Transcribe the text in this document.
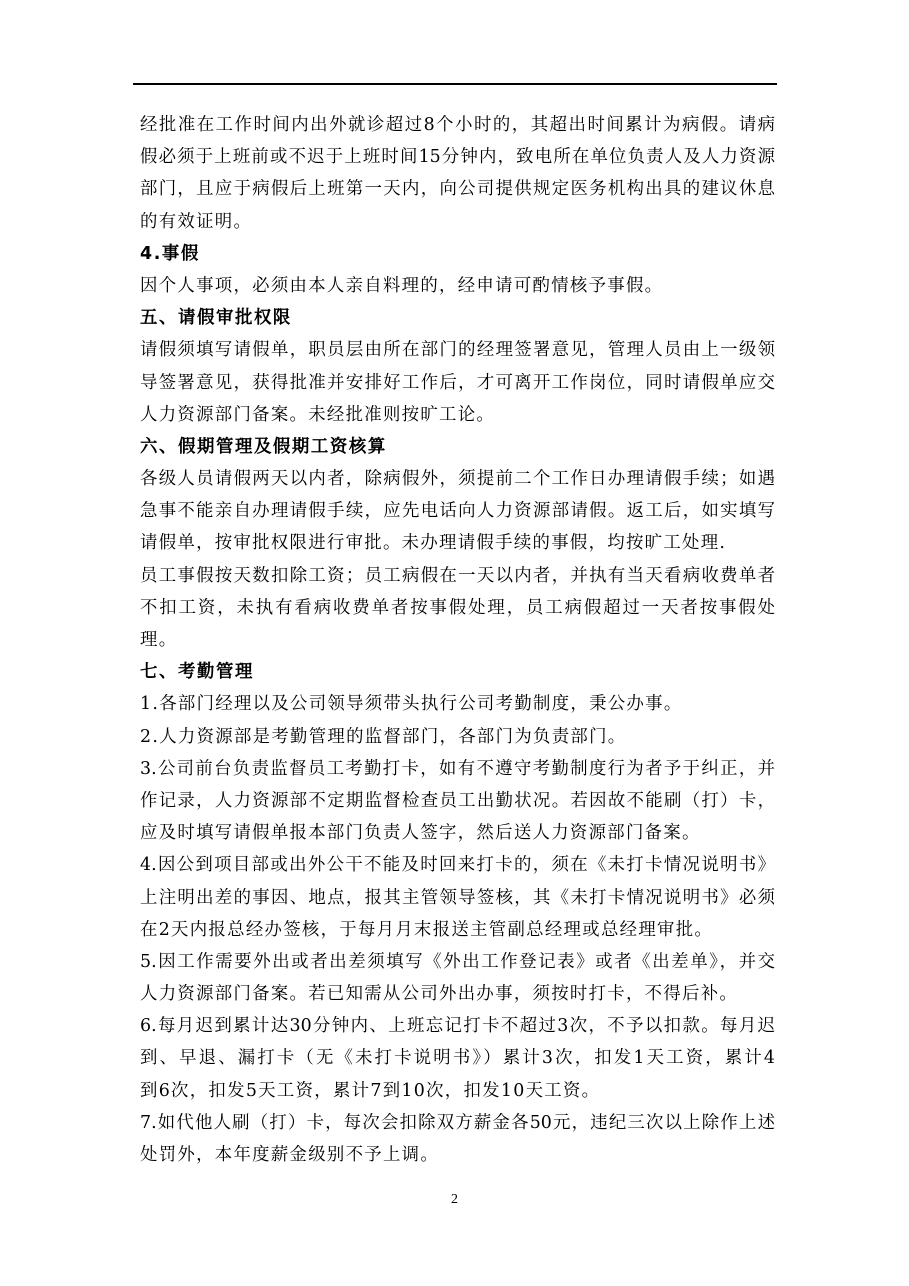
经批准在工作时间内出外就诊超过8个小时的，其超出时间累计为病假。请病
假必须于上班前或不迟于上班时间15分钟内，致电所在单位负责人及人力资源
部门，且应于病假后上班第一天内，向公司提供规定医务机构出具的建议休息
的有效证明。
4.事假
因个人事项，必须由本人亲自料理的，经申请可酌情核予事假。
五、请假审批权限
请假须填写请假单，职员层由所在部门的经理签署意见，管理人员由上一级领
导签署意见，获得批准并安排好工作后，才可离开工作岗位，同时请假单应交
人力资源部门备案。未经批准则按旷工论。
六、假期管理及假期工资核算
各级人员请假两天以内者，除病假外，须提前二个工作日办理请假手续；如遇
急事不能亲自办理请假手续，应先电话向人力资源部请假。返工后，如实填写
请假单，按审批权限进行审批。未办理请假手续的事假，均按旷工处理.
员工事假按天数扣除工资；员工病假在一天以内者，并执有当天看病收费单者
不扣工资，未执有看病收费单者按事假处理，员工病假超过一天者按事假处
理。
七、考勤管理
1.各部门经理以及公司领导须带头执行公司考勤制度，秉公办事。
2.人力资源部是考勤管理的监督部门，各部门为负责部门。
3.公司前台负责监督员工考勤打卡，如有不遵守考勤制度行为者予于纠正，并
作记录，人力资源部不定期监督检查员工出勤状况。若因故不能刷（打）卡，
应及时填写请假单报本部门负责人签字，然后送人力资源部门备案。
4.因公到项目部或出外公干不能及时回来打卡的，须在《未打卡情况说明书》
上注明出差的事因、地点，报其主管领导签核，其《未打卡情况说明书》必须
在2天内报总经办签核，于每月月末报送主管副总经理或总经理审批。
5.因工作需要外出或者出差须填写《外出工作登记表》或者《出差单》，并交
人力资源部门备案。若已知需从公司外出办事，须按时打卡，不得后补。
6.每月迟到累计达30分钟内、上班忘记打卡不超过3次，不予以扣款。每月迟
到、早退、漏打卡（无《未打卡说明书》）累计3次，扣发1天工资，累计4
到6次，扣发5天工资，累计7到10次，扣发10天工资。
7.如代他人刷（打）卡，每次会扣除双方薪金各50元，违纪三次以上除作上述
处罚外，本年度薪金级别不予上调。
2
